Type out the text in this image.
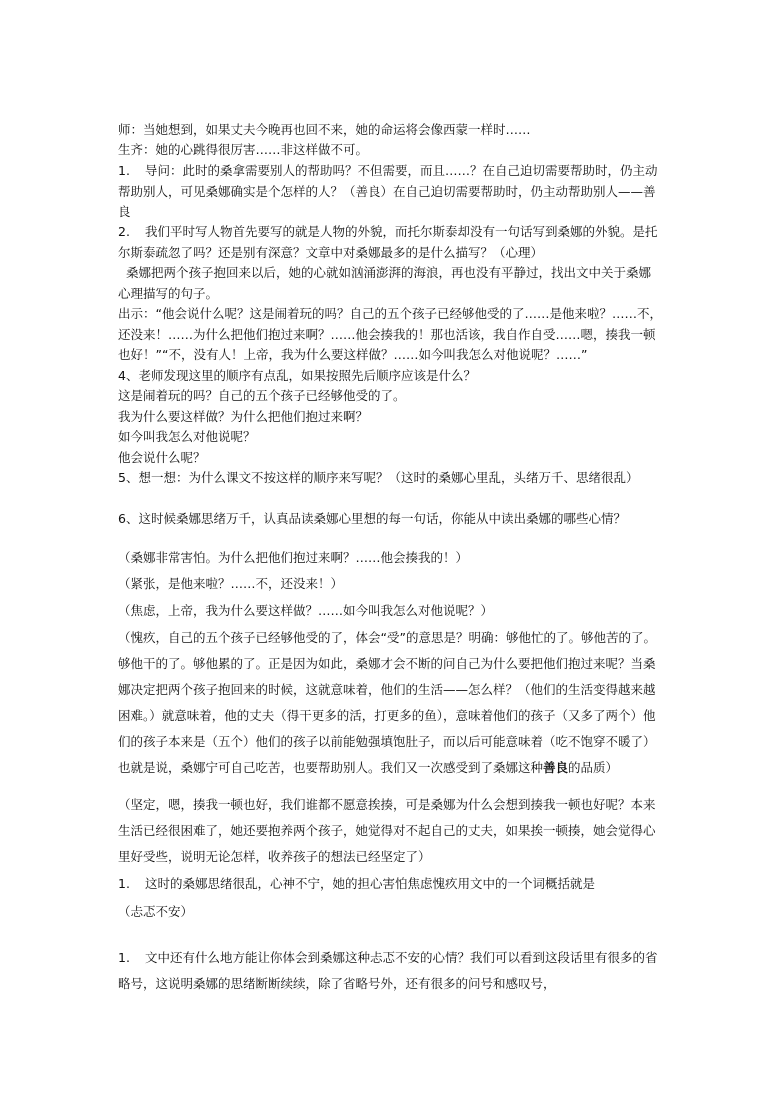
师：当她想到，如果丈夫今晚再也回不来，她的命运将会像西蒙一样时……

生齐：她的心跳得很厉害……非这样做不可。

1. 导问：此时的桑拿需要别人的帮助吗？不但需要，而且……？在自己迫切需要帮助时，仍主动帮助别人，可见桑娜确实是个怎样的人？（善良）在自己迫切需要帮助时，仍主动帮助别人——善良

2. 我们平时写人物首先要写的就是人物的外貌，而托尔斯泰却没有一句话写到桑娜的外貌。是托尔斯泰疏忽了吗？还是别有深意？文章中对桑娜最多的是什么描写？（心理）

桑娜把两个孩子抱回来以后，她的心就如汹涌澎湃的海浪，再也没有平静过，找出文中关于桑娜心理描写的句子。

出示：“他会说什么呢？这是闹着玩的吗？自己的五个孩子已经够他受的了……是他来啦？……不，还没来！……为什么把他们抱过来啊？……他会揍我的！那也活该，我自作自受……嗯，揍我一顿也好！”“不，没有人！上帝，我为什么要这样做？……如今叫我怎么对他说呢？……”

4、老师发现这里的顺序有点乱，如果按照先后顺序应该是什么？

这是闹着玩的吗？自己的五个孩子已经够他受的了。

我为什么要这样做？为什么把他们抱过来啊？

如今叫我怎么对他说呢？

他会说什么呢？

5、想一想：为什么课文不按这样的顺序来写呢？（这时的桑娜心里乱，头绪万千、思绪很乱）

6、这时候桑娜思绪万千，认真品读桑娜心里想的每一句话，你能从中读出桑娜的哪些心情？

（桑娜非常害怕。为什么把他们抱过来啊？……他会揍我的！）

（紧张，是他来啦？……不，还没来！）

（焦虑，上帝，我为什么要这样做？……如今叫我怎么对他说呢？）

（愧疚，自己的五个孩子已经够他受的了，体会“受”的意思是？明确：够他忙的了。够他苦的了。够他干的了。够他累的了。正是因为如此，桑娜才会不断的问自己为什么要把他们抱过来呢？当桑娜决定把两个孩子抱回来的时候，这就意味着，他们的生活——怎么样？（他们的生活变得越来越困难。）就意味着，他的丈夫（得干更多的活，打更多的鱼），意味着他们的孩子（又多了两个）他们的孩子本来是（五个）他们的孩子以前能勉强填饱肚子，而以后可能意味着（吃不饱穿不暖了）也就是说，桑娜宁可自己吃苦，也要帮助别人。我们又一次感受到了桑娜这种善良的品质）

（坚定，嗯，揍我一顿也好，我们谁都不愿意挨揍，可是桑娜为什么会想到揍我一顿也好呢？本来生活已经很困难了，她还要抱养两个孩子，她觉得对不起自己的丈夫，如果挨一顿揍，她会觉得心里好受些，说明无论怎样，收养孩子的想法已经坚定了）

1. 这时的桑娜思绪很乱，心神不宁，她的担心害怕焦虑愧疚用文中的一个词概括就是

（忐忑不安）

1. 文中还有什么地方能让你体会到桑娜这种忐忑不安的心情？我们可以看到这段话里有很多的省略号，这说明桑娜的思绪断断续续，除了省略号外，还有很多的问号和感叹号，
